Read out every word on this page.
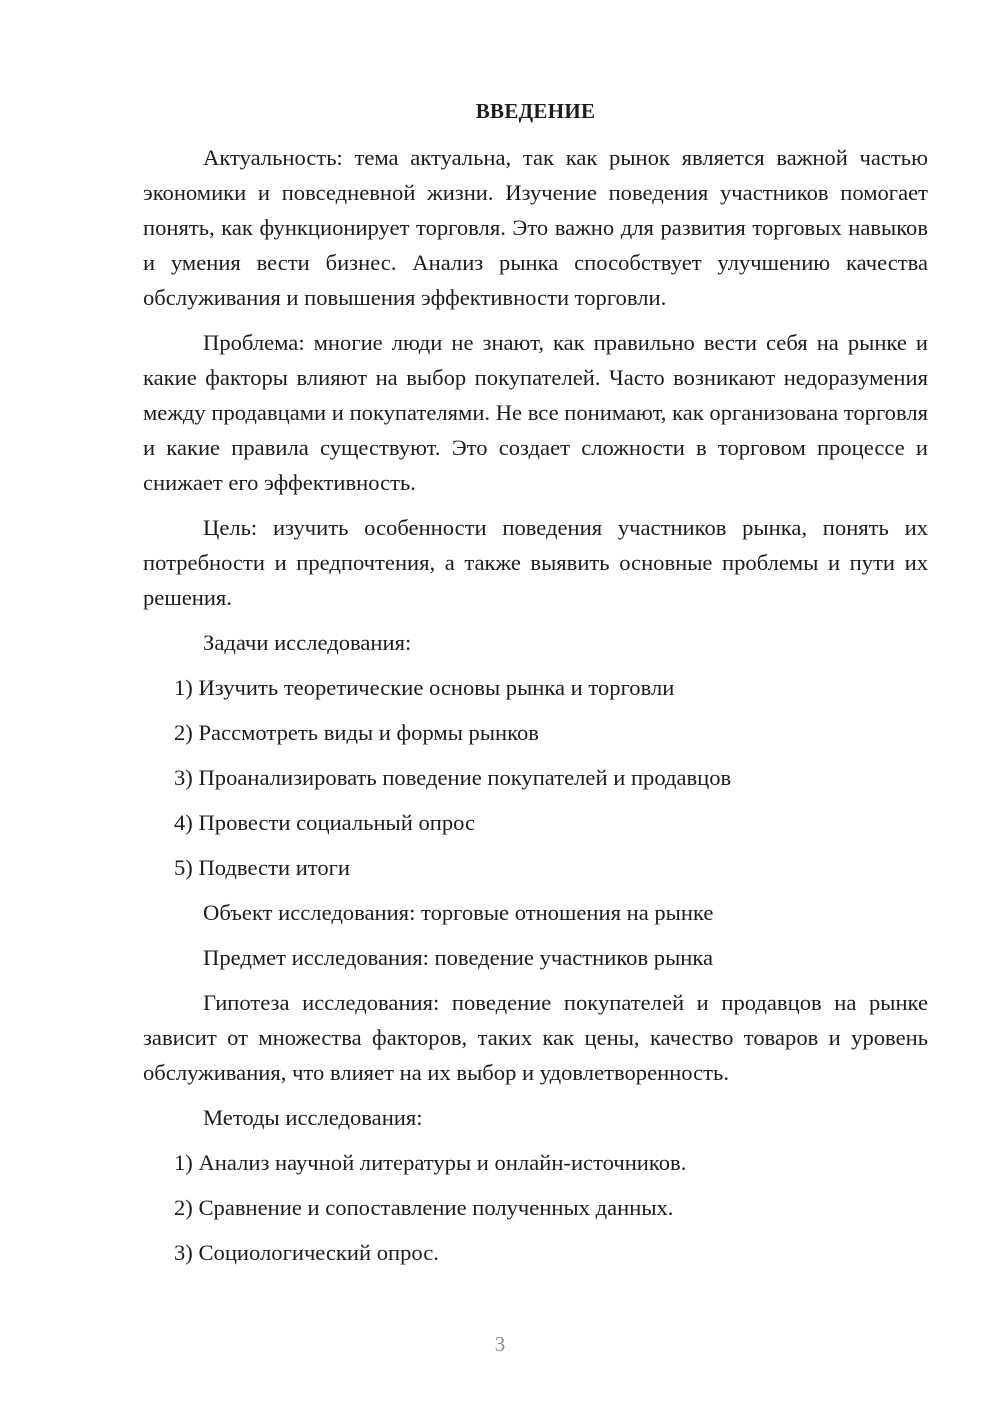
ВВЕДЕНИЕ

Актуальность: тема актуальна, так как рынок является важной частью экономики и повседневной жизни. Изучение поведения участников помогает понять, как функционирует торговля. Это важно для развития торговых навыков и умения вести бизнес. Анализ рынка способствует улучшению качества обслуживания и повышения эффективности торговли.

Проблема: многие люди не знают, как правильно вести себя на рынке и какие факторы влияют на выбор покупателей. Часто возникают недоразумения между продавцами и покупателями. Не все понимают, как организована торговля и какие правила существуют. Это создает сложности в торговом процессе и снижает его эффективность.

Цель: изучить особенности поведения участников рынка, понять их потребности и предпочтения, а также выявить основные проблемы и пути их решения.

Задачи исследования:

1) Изучить теоретические основы рынка и торговли
2) Рассмотреть виды и формы рынков
3) Проанализировать поведение покупателей и продавцов
4) Провести социальный опрос
5) Подвести итоги

Объект исследования: торговые отношения на рынке

Предмет исследования: поведение участников рынка

Гипотеза исследования: поведение покупателей и продавцов на рынке зависит от множества факторов, таких как цены, качество товаров и уровень обслуживания, что влияет на их выбор и удовлетворенность.

Методы исследования:

1) Анализ научной литературы и онлайн-источников.
2) Сравнение и сопоставление полученных данных.
3) Социологический опрос.
3
